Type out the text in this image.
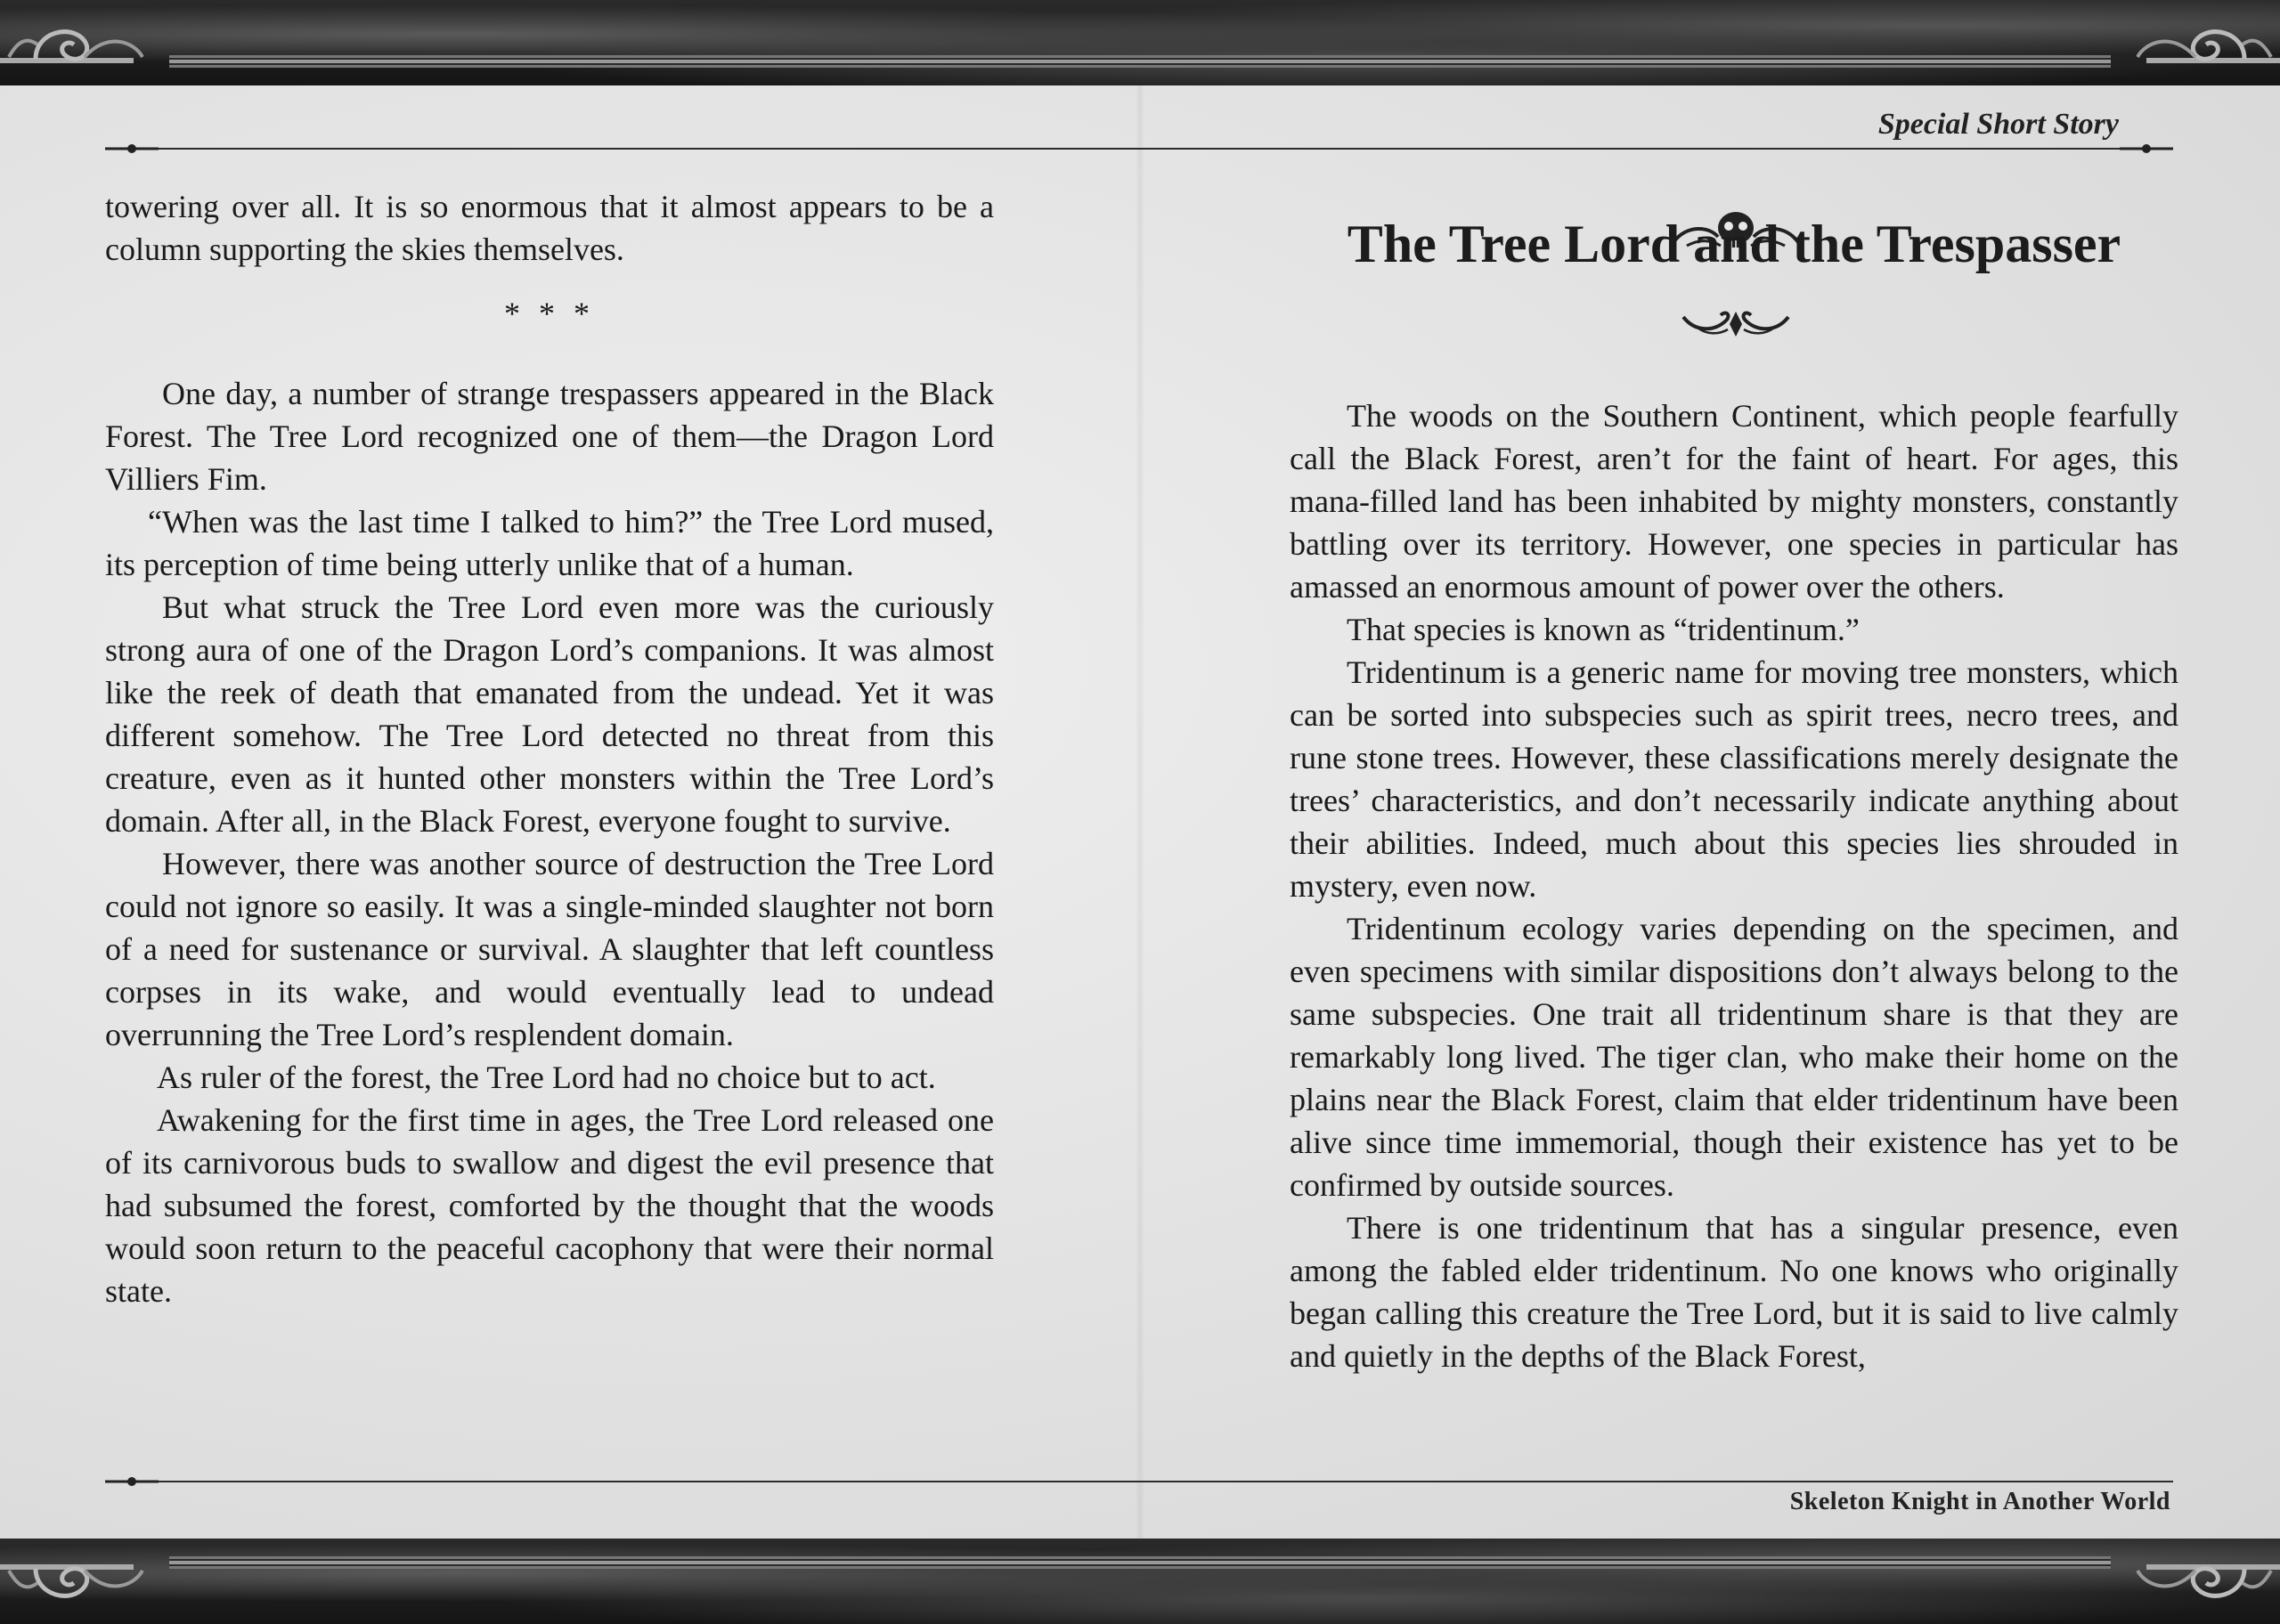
Special Short Story

towering over all. It is so enormous that it almost appears to be a column supporting the skies themselves.

* * *

One day, a number of strange trespassers appeared in the Black Forest. The Tree Lord recognized one of them—the Dragon Lord Villiers Fim.

“When was the last time I talked to him?” the Tree Lord mused, its perception of time being utterly unlike that of a human.

But what struck the Tree Lord even more was the curiously strong aura of one of the Dragon Lord’s companions. It was almost like the reek of death that emanated from the undead. Yet it was different somehow. The Tree Lord detected no threat from this creature, even as it hunted other monsters within the Tree Lord’s domain. After all, in the Black Forest, everyone fought to survive.

However, there was another source of destruction the Tree Lord could not ignore so easily. It was a single-minded slaughter not born of a need for sustenance or survival. A slaughter that left countless corpses in its wake, and would eventually lead to undead overrunning the Tree Lord’s resplendent domain.

As ruler of the forest, the Tree Lord had no choice but to act.

Awakening for the first time in ages, the Tree Lord released one of its carnivorous buds to swallow and digest the evil presence that had subsumed the forest, comforted by the thought that the woods would soon return to the peaceful cacophony that were their normal state.

The Tree Lord and the Trespasser

The woods on the Southern Continent, which people fearfully call the Black Forest, aren’t for the faint of heart. For ages, this mana-filled land has been inhabited by mighty monsters, constantly battling over its territory. However, one species in particular has amassed an enormous amount of power over the others.

That species is known as “tridentinum.”

Tridentinum is a generic name for moving tree monsters, which can be sorted into subspecies such as spirit trees, necro trees, and rune stone trees. However, these classifications merely designate the trees’ characteristics, and don’t necessarily indicate anything about their abilities. Indeed, much about this species lies shrouded in mystery, even now.

Tridentinum ecology varies depending on the specimen, and even specimens with similar dispositions don’t always belong to the same subspecies. One trait all tridentinum share is that they are remarkably long lived. The tiger clan, who make their home on the plains near the Black Forest, claim that elder tridentinum have been alive since time immemorial, though their existence has yet to be confirmed by outside sources.

There is one tridentinum that has a singular presence, even among the fabled elder tridentinum. No one knows who originally began calling this creature the Tree Lord, but it is said to live calmly and quietly in the depths of the Black Forest,

Skeleton Knight in Another World
